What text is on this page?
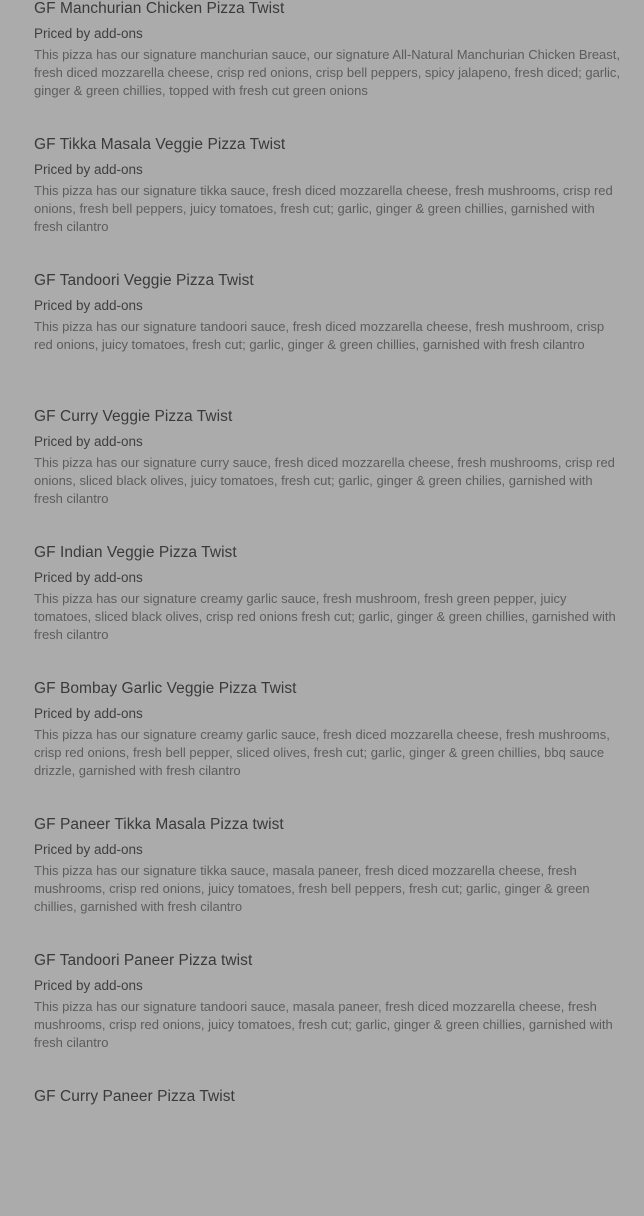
GF Manchurian Chicken Pizza Twist
Priced by add-ons
This pizza has our signature manchurian sauce, our signature All-Natural Manchurian Chicken Breast, fresh diced mozzarella cheese, crisp red onions, crisp bell peppers, spicy jalapeno, fresh diced; garlic, ginger & green chillies, topped with fresh cut green onions
GF Tikka Masala Veggie Pizza Twist
Priced by add-ons
This pizza has our signature tikka sauce, fresh diced mozzarella cheese, fresh mushrooms, crisp red onions, fresh bell peppers, juicy tomatoes, fresh cut; garlic, ginger & green chillies, garnished with fresh cilantro
GF Tandoori Veggie Pizza Twist
Priced by add-ons
This pizza has our signature tandoori sauce, fresh diced mozzarella cheese, fresh mushroom, crisp red onions, juicy tomatoes, fresh cut; garlic, ginger & green chillies, garnished with fresh cilantro
GF Curry Veggie Pizza Twist
Priced by add-ons
This pizza has our signature curry sauce, fresh diced mozzarella cheese, fresh mushrooms, crisp red onions, sliced black olives, juicy tomatoes, fresh cut; garlic, ginger & green chilies, garnished with fresh cilantro
GF Indian Veggie Pizza Twist
Priced by add-ons
This pizza has our signature creamy garlic sauce, fresh mushroom, fresh green pepper, juicy tomatoes, sliced black olives, crisp red onions fresh cut; garlic, ginger & green chillies, garnished with fresh cilantro
GF Bombay Garlic Veggie Pizza Twist
Priced by add-ons
This pizza has our signature creamy garlic sauce, fresh diced mozzarella cheese, fresh mushrooms, crisp red onions, fresh bell pepper, sliced olives, fresh cut; garlic, ginger & green chillies, bbq sauce drizzle, garnished with fresh cilantro
GF Paneer Tikka Masala Pizza twist
Priced by add-ons
This pizza has our signature tikka sauce, masala paneer, fresh diced mozzarella cheese, fresh mushrooms, crisp red onions, juicy tomatoes, fresh bell peppers, fresh cut; garlic, ginger & green chillies, garnished with fresh cilantro
GF Tandoori Paneer Pizza twist
Priced by add-ons
This pizza has our signature tandoori sauce, masala paneer, fresh diced mozzarella cheese, fresh mushrooms, crisp red onions, juicy tomatoes, fresh cut; garlic, ginger & green chillies, garnished with fresh cilantro
GF Curry Paneer Pizza Twist
